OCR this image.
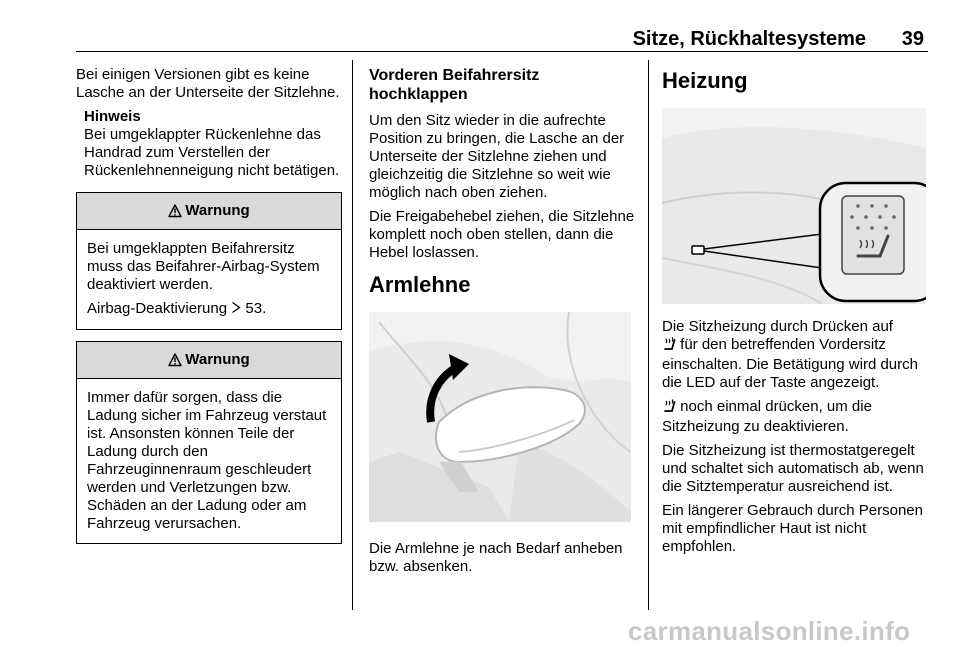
Sitze, Rückhaltesysteme 39

Bei einigen Versionen gibt es keine Lasche an der Unterseite der Sitzlehne.

Hinweis
Bei umgeklappter Rückenlehne das Handrad zum Verstellen der Rückenlehnenneigung nicht betätigen.
Warnung

Bei umgeklappten Beifahrersitz muss das Beifahrer-Airbag-System deaktiviert werden.

Airbag-Deaktivierung 53.

Warnung

Immer dafür sorgen, dass die Ladung sicher im Fahrzeug verstaut ist. Ansonsten können Teile der Ladung durch den Fahrzeuginnenraum geschleudert werden und Verletzungen bzw. Schäden an der Ladung oder am Fahrzeug verursachen.

Vorderen Beifahrersitz hochklappen

Um den Sitz wieder in die aufrechte Position zu bringen, die Lasche an der Unterseite der Sitzlehne ziehen und gleichzeitig die Sitzlehne so weit wie möglich nach oben ziehen.

Die Freigabehebel ziehen, die Sitzlehne komplett noch oben stellen, dann die Hebel loslassen.

Armlehne

Die Armlehne je nach Bedarf anheben bzw. absenken.

Heizung

Die Sitzheizung durch Drücken auf
für den betreffenden Vordersitz einschalten. Die Betätigung wird durch die LED auf der Taste angezeigt.

noch einmal drücken, um die Sitzheizung zu deaktivieren.

Die Sitzheizung ist thermostatgeregelt und schaltet sich automatisch ab, wenn die Sitztemperatur ausreichend ist.

Ein längerer Gebrauch durch Personen mit empfindlicher Haut ist nicht empfohlen.

carmanualsonline.info
